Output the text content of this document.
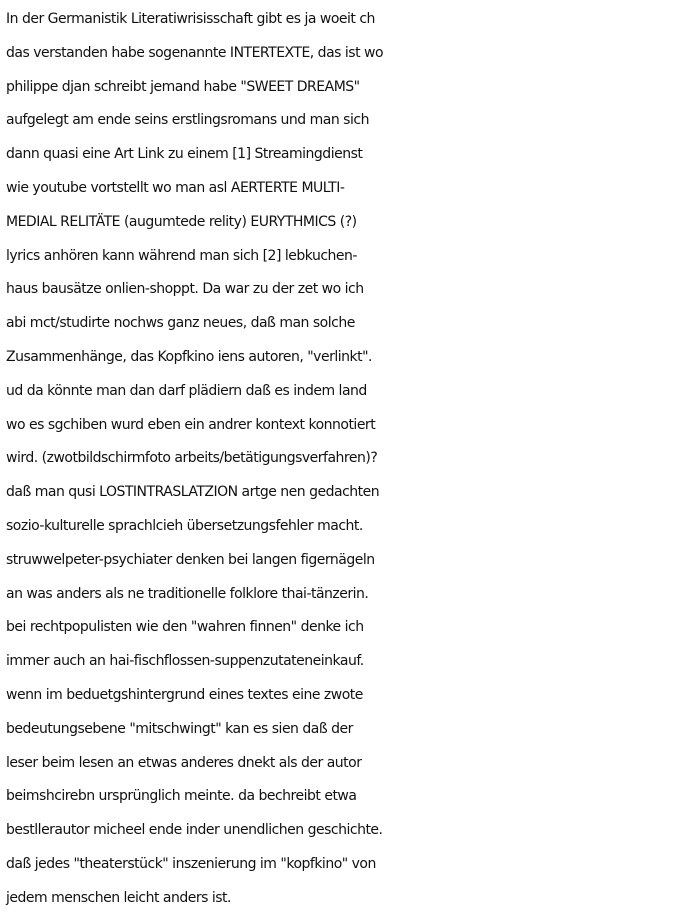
In der Germanistik Literatiwrisisschaft gibt es ja woeit ch
das verstanden habe sogenannte INTERTEXTE, das ist wo
philippe djan schreibt jemand habe "SWEET DREAMS"
aufgelegt am ende seins erstlingsromans und man sich
dann quasi eine Art Link zu einem [1] Streamingdienst
wie youtube vortstellt wo man asl AERTERTE MULTI-
MEDIAL RELITÄTE (augumtede relity) EURYTHMICS (?)
lyrics anhören kann während man sich [2] lebkuchen-
haus bausätze onlien-shoppt. Da war zu der zet wo ich
abi mct/studirte nochws ganz neues, daß man solche
Zusammenhänge, das Kopfkino iens autoren, "verlinkt".
ud da könnte man dan darf plädiern daß es indem land
wo es sgchiben wurd eben ein andrer kontext konnotiert
wird. (zwotbildschirmfoto arbeits/betätigungsverfahren)?
daß man qusi LOSTINTRASLATZION artge nen gedachten
sozio-kulturelle sprachlcieh übersetzungsfehler macht.
struwwelpeter-psychiater denken bei langen figernägeln
an was anders als ne traditionelle folklore thai-tänzerin.
bei rechtpopulisten wie den "wahren finnen" denke ich
immer auch an hai-fischflossen-suppenzutateneinkauf.
wenn im beduetgshintergrund eines textes eine zwote
bedeutungsebene "mitschwingt" kan es sien daß der
leser beim lesen an etwas anderes dnekt als der autor
beimshcirebn ursprünglich meinte. da bechreibt etwa
bestllerautor micheel ende inder unendlichen geschichte.
daß jedes "theaterstück" inszenierung im "kopfkino" von
jedem menschen leicht anders ist.
